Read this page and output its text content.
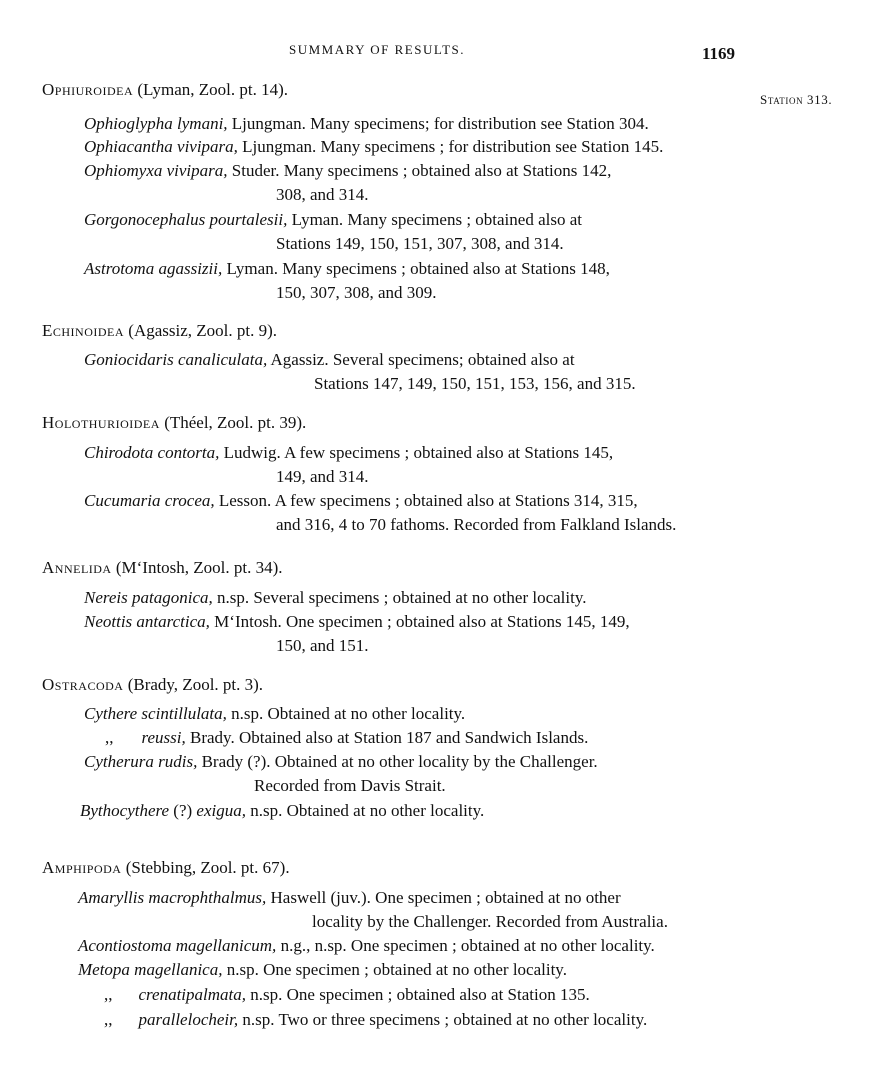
SUMMARY OF RESULTS.	1169
Station 313.
Ophiuroidea (Lyman, Zool. pt. 14).
Ophioglypha lymani, Ljungman. Many specimens; for distribution see Station 304.
Ophiacantha vivipara, Ljungman. Many specimens ; for distribution see Station 145.
Ophiomyxa vivipara, Studer. Many specimens ; obtained also at Stations 142,
308, and 314.
Gorgonocephalus pourtalesii, Lyman. Many specimens ; obtained also at
Stations 149, 150, 151, 307, 308, and 314.
Astrotoma agassizii, Lyman. Many specimens ; obtained also at Stations 148,
150, 307, 308, and 309.
Echinoidea (Agassiz, Zool. pt. 9).
Goniocidaris canaliculata, Agassiz. Several specimens; obtained also at
Stations 147, 149, 150, 151, 153, 156, and 315.
Holothurioidea (Théel, Zool. pt. 39).
Chirodota contorta, Ludwig. A few specimens ; obtained also at Stations 145,
149, and 314.
Cucumaria crocea, Lesson. A few specimens ; obtained also at Stations 314, 315,
and 316, 4 to 70 fathoms. Recorded from Falkland Islands.
Annelida (M‘Intosh, Zool. pt. 34).
Nereis patagonica, n.sp. Several specimens ; obtained at no other locality.
Neottis antarctica, M‘Intosh. One specimen ; obtained also at Stations 145, 149,
150, and 151.
Ostracoda (Brady, Zool. pt. 3).
Cythere scintillulata, n.sp. Obtained at no other locality.
,, reussi, Brady. Obtained also at Station 187 and Sandwich Islands.
Cytherura rudis, Brady (?). Obtained at no other locality by the Challenger.
Recorded from Davis Strait.
Bythocythere (?) exigua, n.sp. Obtained at no other locality.
Amphipoda (Stebbing, Zool. pt. 67).
Amaryllis macrophthalmus, Haswell (juv.). One specimen ; obtained at no other
locality by the Challenger. Recorded from Australia.
Acontiostoma magellanicum, n.g., n.sp. One specimen ; obtained at no other locality.
Metopa magellanica, n.sp. One specimen ; obtained at no other locality.
,, crenatipalmata, n.sp. One specimen ; obtained also at Station 135.
,, parallelocheir, n.sp. Two or three specimens ; obtained at no other locality.
